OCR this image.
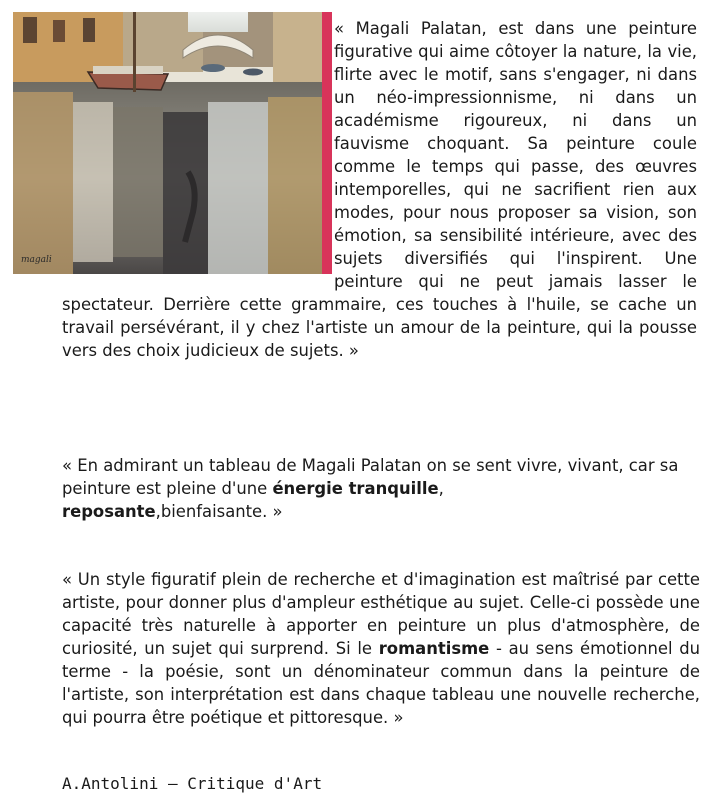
magali

« Magali Palatan, est dans une peinture figurative qui aime côtoyer la nature, la vie, flirte avec le motif, sans s'engager, ni dans un néo-impressionnisme, ni dans un académisme rigoureux, ni dans un fauvisme choquant. Sa peinture coule comme le temps qui passe, des œuvres intemporelles, qui ne sacrifient rien aux modes, pour nous proposer sa vision, son émotion, sa sensibilité intérieure, avec des sujets diversifiés qui l'inspirent. Une peinture qui ne peut jamais lasser le spectateur. Derrière cette grammaire, ces touches à l'huile, se cache un travail persévérant, il y chez l'artiste un amour de la peinture, qui la pousse vers des choix judicieux de sujets. »

« En admirant un tableau de Magali Palatan on se sent vivre, vivant, car sa peinture est pleine d'une énergie tranquille,
reposante,bienfaisante. »

« Un style figuratif plein de recherche et d'imagination est maîtrisé par cette artiste, pour donner plus d'ampleur esthétique au sujet. Celle-ci possède une capacité très naturelle à apporter en peinture un plus d'atmosphère, de curiosité, un sujet qui surprend. Si le romantisme - au sens émotionnel du terme - la poésie, sont un dénominateur commun dans la peinture de l'artiste, son interprétation est dans chaque tableau une nouvelle recherche, qui pourra être poétique et pittoresque. »

A.Antolini – Critique d'Art
